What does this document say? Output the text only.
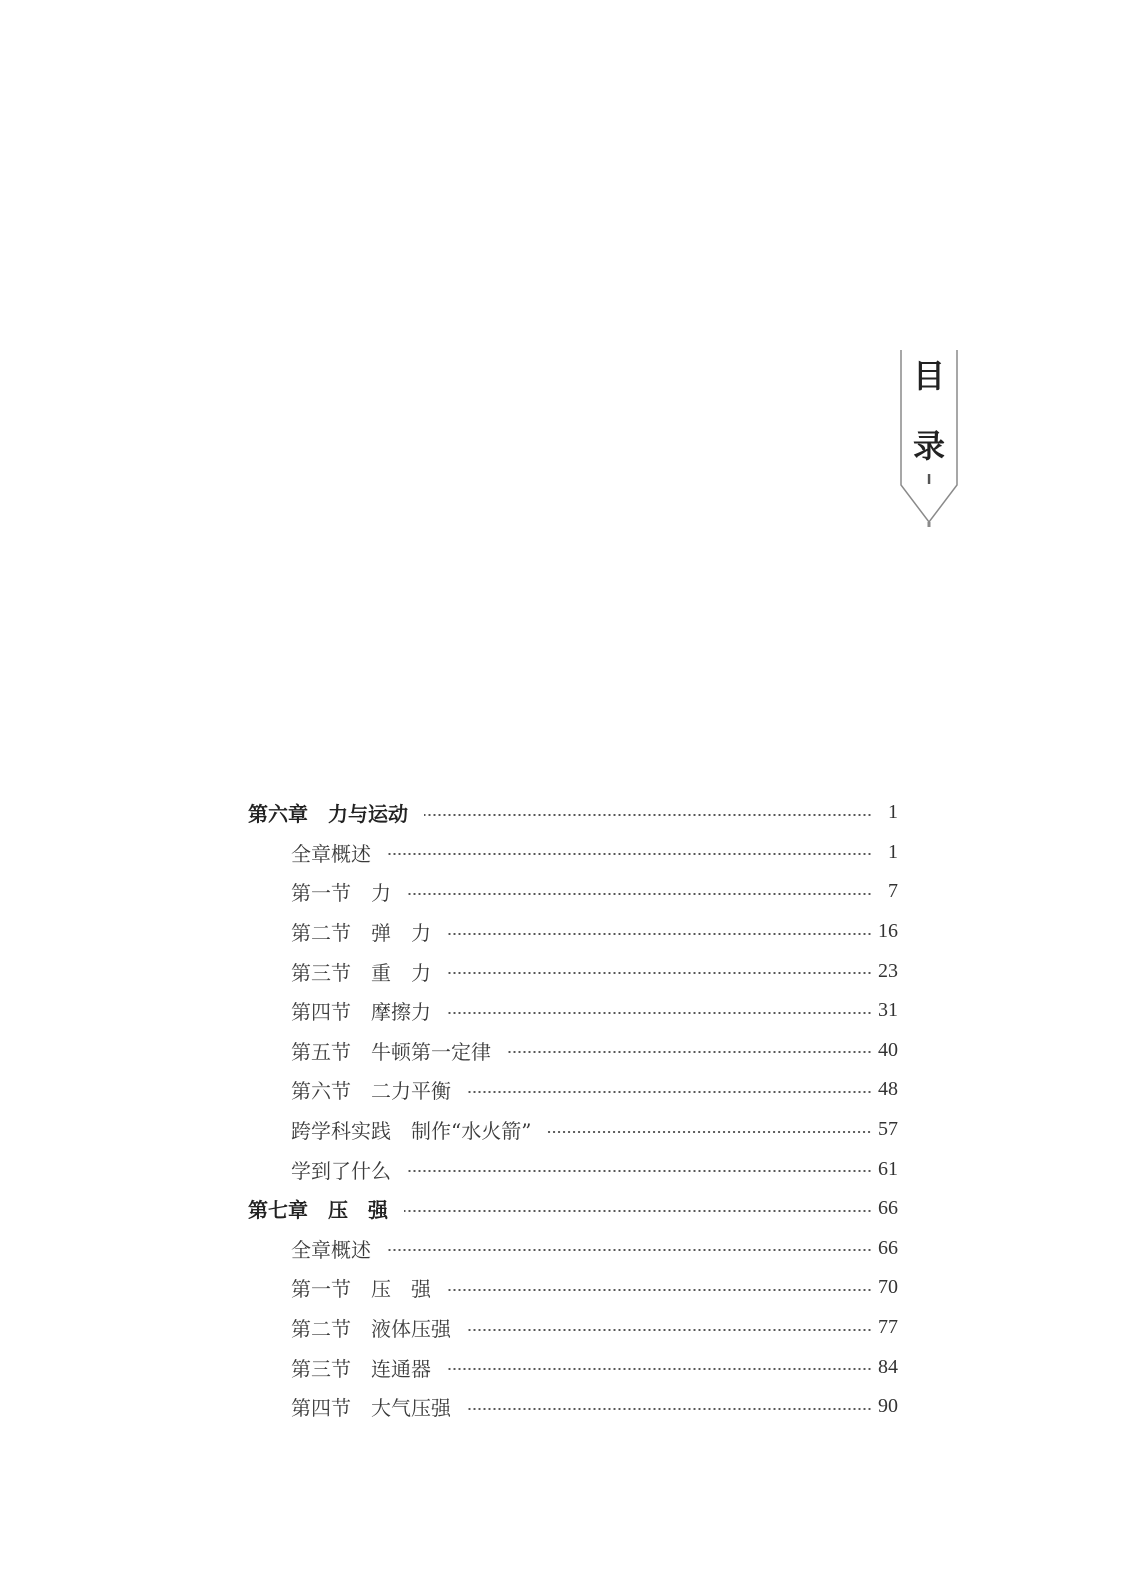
目
录
I
第六章　力与运动	1
全章概述	1
第一节　力	7
第二节　弹　力	16
第三节　重　力	23
第四节　摩擦力	31
第五节　牛顿第一定律	40
第六节　二力平衡	48
跨学科实践　制作“水火箭”	57
学到了什么	61
第七章　压　强	66
全章概述	66
第一节　压　强	70
第二节　液体压强	77
第三节　连通器	84
第四节　大气压强	90
